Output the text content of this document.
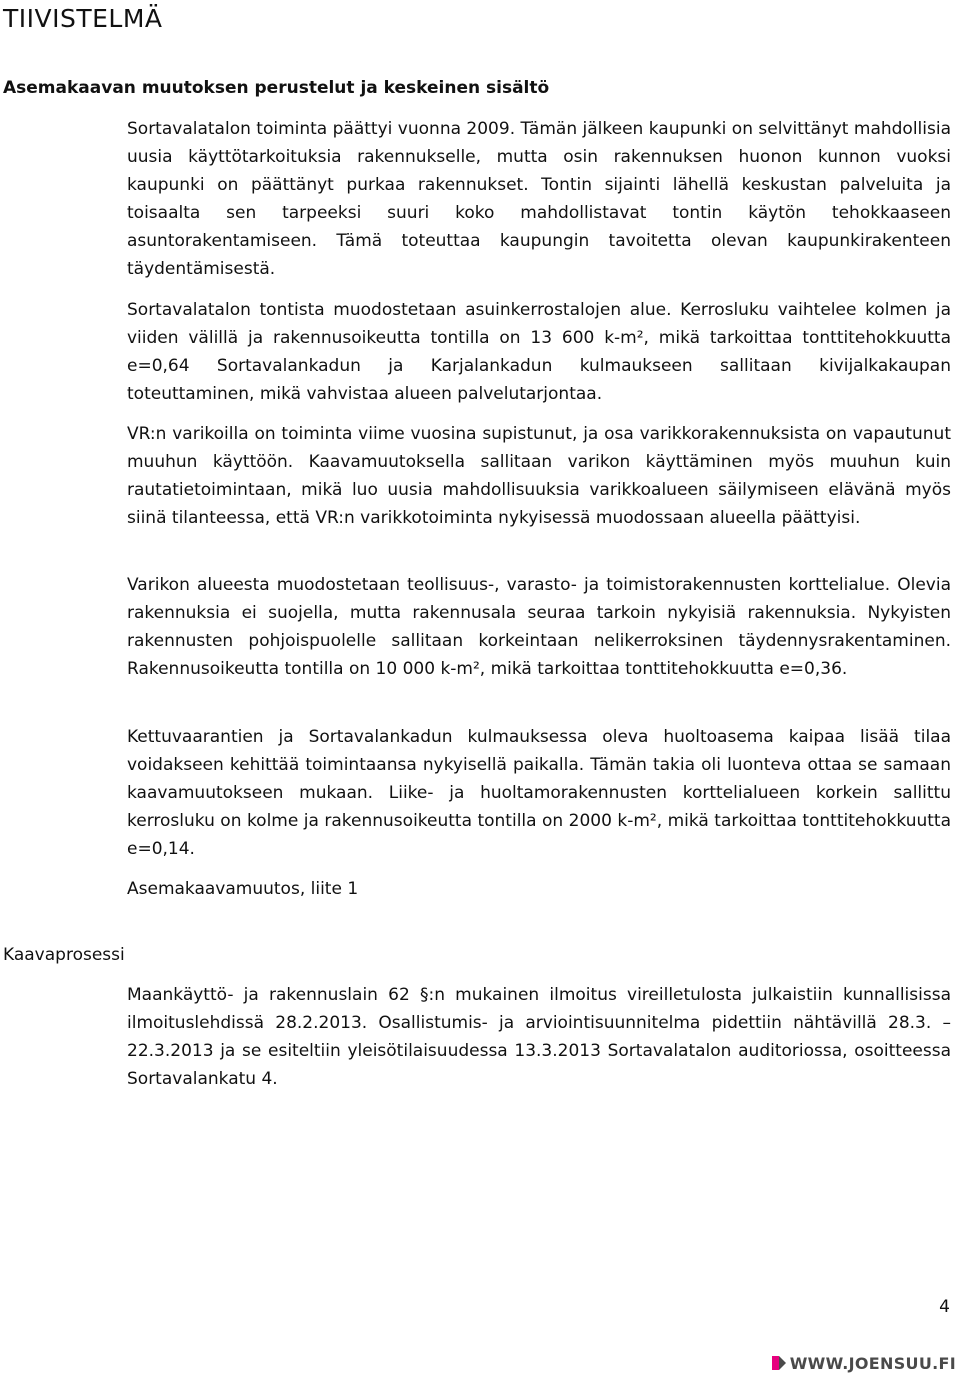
TIIVISTELMÄ
Asemakaavan muutoksen perustelut ja keskeinen sisältö

Sortavalatalon toiminta päättyi vuonna 2009. Tämän jälkeen kaupunki on selvittänyt mahdollisia uusia käyttötarkoituksia rakennukselle, mutta osin rakennuksen huonon kunnon vuoksi kaupunki on päättänyt purkaa rakennukset. Tontin sijainti lähellä keskustan palveluita ja toisaalta sen tarpeeksi suuri koko mahdollistavat tontin käytön tehokkaaseen asuntorakentamiseen. Tämä toteuttaa kaupungin tavoitetta olevan kaupunkirakenteen täydentämisestä.

Sortavalatalon tontista muodostetaan asuinkerrostalojen alue. Kerrosluku vaihtelee kolmen ja viiden välillä ja rakennusoikeutta tontilla on 13 600 k-m², mikä tarkoittaa tonttitehokkuutta e=0,64 Sortavalankadun ja Karjalankadun kulmaukseen sallitaan kivijalkakaupan toteuttaminen, mikä vahvistaa alueen palvelutarjontaa.

VR:n varikoilla on toiminta viime vuosina supistunut, ja osa varikkorakennuksista on vapautunut muuhun käyttöön. Kaavamuutoksella sallitaan varikon käyttäminen myös muuhun kuin rautatietoimintaan, mikä luo uusia mahdollisuuksia varikkoalueen säilymiseen elävänä myös siinä tilanteessa, että VR:n varikkotoiminta nykyisessä muodossaan alueella päättyisi.

Varikon alueesta muodostetaan teollisuus-, varasto- ja toimistorakennusten korttelialue. Olevia rakennuksia ei suojella, mutta rakennusala seuraa tarkoin nykyisiä rakennuksia. Nykyisten rakennusten pohjoispuolelle sallitaan korkeintaan nelikerroksinen täydennysrakentaminen. Rakennusoikeutta tontilla on 10 000 k-m², mikä tarkoittaa tonttitehokkuutta e=0,36.

Kettuvaarantien ja Sortavalankadun kulmauksessa oleva huoltoasema kaipaa lisää tilaa voidakseen kehittää toimintaansa nykyisellä paikalla. Tämän takia oli luonteva ottaa se samaan kaavamuutokseen mukaan. Liike- ja huoltamorakennusten korttelialueen korkein sallittu kerrosluku on kolme ja rakennusoikeutta tontilla on 2000 k-m², mikä tarkoittaa tonttitehokkuutta e=0,14.

Asemakaavamuutos, liite 1

Kaavaprosessi

Maankäyttö- ja rakennuslain 62 §:n mukainen ilmoitus vireilletulosta julkaistiin kunnallisissa ilmoituslehdissä 28.2.2013. Osallistumis- ja arviointisuunnitelma pidettiin nähtävillä 28.3. – 22.3.2013 ja se esiteltiin yleisötilaisuudessa 13.3.2013 Sortavalatalon auditoriossa, osoitteessa Sortavalankatu 4.

4
WWW.JOENSUU.FI
